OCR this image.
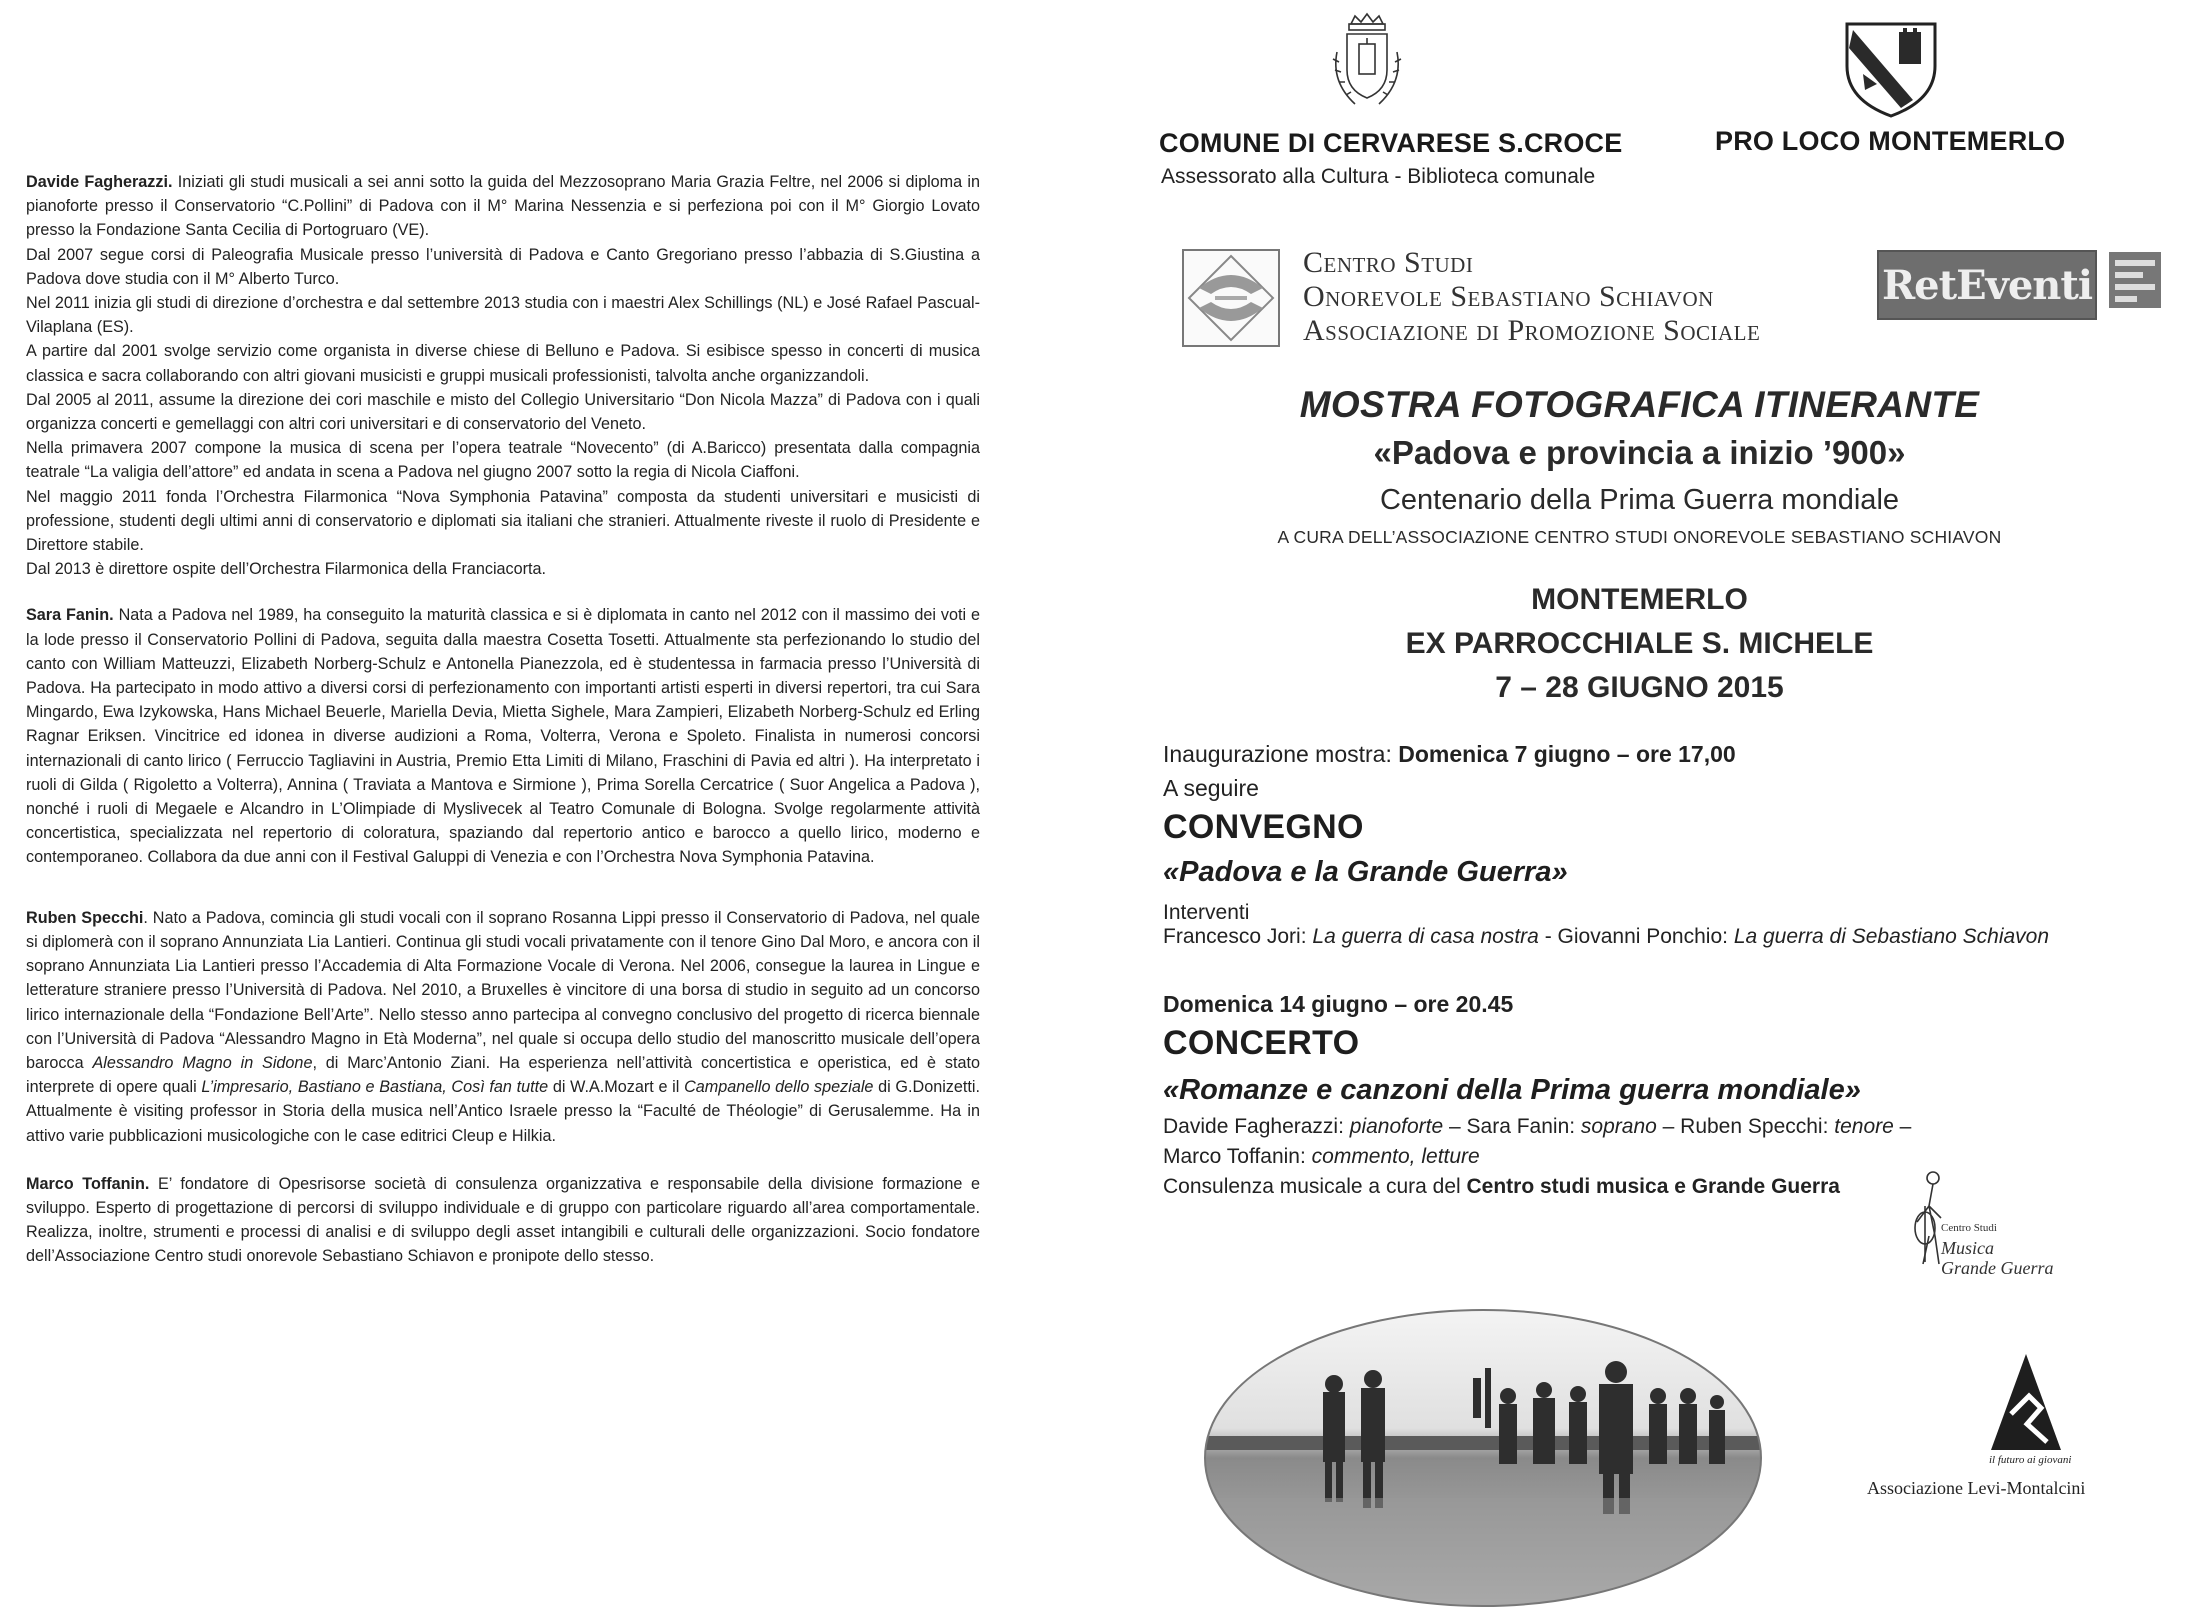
Davide Fagherazzi. Iniziati gli studi musicali a sei anni sotto la guida del Mezzosoprano Maria Grazia Feltre, nel 2006 si diploma in pianoforte presso il Conservatorio “C.Pollini” di Padova con il M° Marina Nessenzia e si perfeziona poi con il M° Giorgio Lovato presso la Fondazione Santa Cecilia di Portogruaro (VE).

Dal 2007 segue corsi di Paleografia Musicale presso l’università di Padova e Canto Gregoriano presso l’abbazia di S.Giustina a Padova dove studia con il M° Alberto Turco.

Nel 2011 inizia gli studi di direzione d’orchestra e dal settembre 2013 studia con i maestri Alex Schillings (NL) e José Rafael Pascual-Vilaplana (ES).

A partire dal 2001 svolge servizio come organista in diverse chiese di Belluno e Padova. Si esibisce spesso in concerti di musica classica e sacra collaborando con altri giovani musicisti e gruppi musicali professionisti, talvolta anche organizzandoli.

Dal 2005 al 2011, assume la direzione dei cori maschile e misto del Collegio Universitario “Don Nicola Mazza” di Padova con i quali organizza concerti e gemellaggi con altri cori universitari e di conservatorio del Veneto.

Nella primavera 2007 compone la musica di scena per l’opera teatrale “Novecento” (di A.Baricco) presentata dalla compagnia teatrale “La valigia dell’attore” ed andata in scena a Padova nel giugno 2007 sotto la regia di Nicola Ciaffoni.

Nel maggio 2011 fonda l’Orchestra Filarmonica “Nova Symphonia Patavina” composta da studenti universitari e musicisti di professione, studenti degli ultimi anni di conservatorio e diplomati sia italiani che stranieri. Attualmente riveste il ruolo di Presidente e Direttore stabile.

Dal 2013 è direttore ospite dell’Orchestra Filarmonica della Franciacorta.

Sara Fanin. Nata a Padova nel 1989, ha conseguito la maturità classica e si è diplomata in canto nel 2012 con il massimo dei voti e la lode presso il Conservatorio Pollini di Padova, seguita dalla maestra Cosetta Tosetti. Attualmente sta perfezionando lo studio del canto con William Matteuzzi, Elizabeth Norberg-Schulz e Antonella Pianezzola, ed è studentessa in farmacia presso l’Università di Padova. Ha partecipato in modo attivo a diversi corsi di perfezionamento con importanti artisti esperti in diversi repertori, tra cui Sara Mingardo, Ewa Izykowska, Hans Michael Beuerle, Mariella Devia, Mietta Sighele, Mara Zampieri, Elizabeth Norberg-Schulz ed Erling Ragnar Eriksen. Vincitrice ed idonea in diverse audizioni a Roma, Volterra, Verona e Spoleto. Finalista in numerosi concorsi internazionali di canto lirico ( Ferruccio Tagliavini in Austria, Premio Etta Limiti di Milano, Fraschini di Pavia ed altri ). Ha interpretato i ruoli di Gilda ( Rigoletto a Volterra), Annina ( Traviata a Mantova e Sirmione ), Prima Sorella Cercatrice ( Suor Angelica a Padova ), nonché i ruoli di Megaele e Alcandro in L’Olimpiade di Myslivecek al Teatro Comunale di Bologna. Svolge regolarmente attività concertistica, specializzata nel repertorio di coloratura, spaziando dal repertorio antico e barocco a quello lirico, moderno e contemporaneo. Collabora da due anni con il Festival Galuppi di Venezia e con l’Orchestra Nova Symphonia Patavina.

Ruben Specchi. Nato a Padova, comincia gli studi vocali con il soprano Rosanna Lippi presso il Conservatorio di Padova, nel quale si diplomerà con il soprano Annunziata Lia Lantieri. Continua gli studi vocali privatamente con il tenore Gino Dal Moro, e ancora con il soprano Annunziata Lia Lantieri presso l’Accademia di Alta Formazione Vocale di Verona. Nel 2006, consegue la laurea in Lingue e letterature straniere presso l’Università di Padova. Nel 2010, a Bruxelles è vincitore di una borsa di studio in seguito ad un concorso lirico internazionale della “Fondazione Bell’Arte”. Nello stesso anno partecipa al convegno conclusivo del progetto di ricerca biennale con l’Università di Padova “Alessandro Magno in Età Moderna”, nel quale si occupa dello studio del manoscritto musicale dell’opera barocca Alessandro Magno in Sidone, di Marc’Antonio Ziani. Ha esperienza nell’attività concertistica e operistica, ed è stato interprete di opere quali L’impresario, Bastiano e Bastiana, Così fan tutte di W.A.Mozart e il Campanello dello speziale di G.Donizetti. Attualmente è visiting professor in Storia della musica nell’Antico Israele presso la “Faculté de Théologie” di Gerusalemme. Ha in attivo varie pubblicazioni musicologiche con le case editrici Cleup e Hilkia.

Marco Toffanin. E’ fondatore di Opesrisorse società di consulenza organizzativa e responsabile della divisione formazione e sviluppo. Esperto di progettazione di percorsi di sviluppo individuale e di gruppo con particolare riguardo all’area comportamentale. Realizza, inoltre, strumenti e processi di analisi e di sviluppo degli asset intangibili e culturali delle organizzazioni. Socio fondatore dell’Associazione Centro studi onorevole Sebastiano Schiavon e pronipote dello stesso.

COMUNE DI CERVARESE S.CROCE
Assessorato alla Cultura - Biblioteca comunale
PRO LOCO MONTEMERLO
Centro Studi
Onorevole Sebastiano Schiavon
Associazione di Promozione Sociale
RetEventi
MOSTRA FOTOGRAFICA ITINERANTE
«Padova e provincia a inizio ’900»
Centenario della Prima Guerra mondiale
A CURA DELL’ASSOCIAZIONE CENTRO STUDI ONOREVOLE SEBASTIANO SCHIAVON
MONTEMERLO
EX PARROCCHIALE S. MICHELE
7 – 28 GIUGNO 2015
Inaugurazione mostra: Domenica 7 giugno – ore 17,00
A seguire
CONVEGNO
«Padova e la Grande Guerra»
Interventi
Francesco Jori: La guerra di casa nostra - Giovanni Ponchio: La guerra di Sebastiano Schiavon
Domenica 14 giugno – ore 20.45
CONCERTO
«Romanze e canzoni della Prima guerra mondiale»
Davide Fagherazzi: pianoforte – Sara Fanin: soprano – Ruben Specchi: tenore –
Marco Toffanin: commento, letture
Consulenza musicale a cura del Centro studi musica e Grande Guerra
Centro Studi
Musica
Grande Guerra
il futuro ai giovani
Associazione Levi-Montalcini
